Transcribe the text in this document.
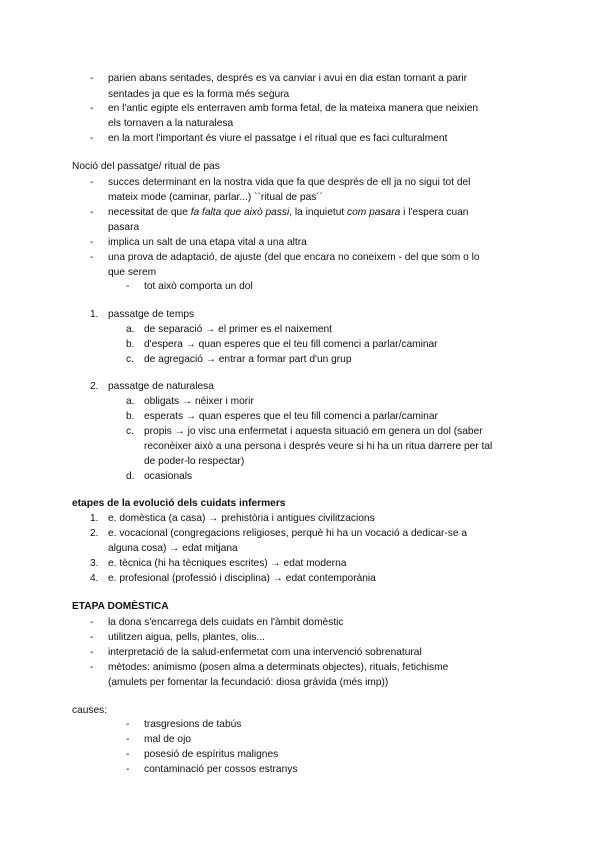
- parien abans sentades, després es va canviar i avui en dia estan tornant a parir
sentades ja que es la forma més segura
- en l'antic egipte els enterraven amb forma fetal, de la mateixa manera que neixien
els tornaven a la naturalesa
- en la mort l'important és viure el passatge i el ritual que es faci culturalment
Noció del passatge/ ritual de pas
- succes determinant en la nostra vida que fa que després de ell ja no sigui tot del
mateix mode (caminar, parlar...) ``ritual de pas´´
- necessitat de que fa falta que això passi, la inquietut com pasara i l'espera cuan
pasara
- implica un salt de una etapa vital a una altra
- una prova de adaptació, de ajuste (del que encara no coneixem - del que som o lo
que serem
- tot això comporta un dol
1. passatge de temps
a. de separació → el primer es el naixement
b. d'espera → quan esperes que el teu fill comenci a parlar/caminar
c. de agregació → entrar a formar part d'un grup
2. passatge de naturalesa
a. obligats → néixer i morir
b. esperats → quan esperes que el teu fill comenci a parlar/caminar
c. propis → jo visc una enfermetat i aquesta situació em genera un dol (saber
reconèixer això a una persona i després veure si hi ha un ritua darrere per tal
de poder-lo respectar)
d. ocasionals
etapes de la evolució dels cuidats infermers
1. e. domèstica (a casa) → prehistòria i antigues civilitzacions
2. e. vocacional (congregacions religioses, perquè hi ha un vocació a dedicar-se a
alguna cosa) → edat mitjana
3. e. tècnica (hi ha tècniques escrites) → edat moderna
4. e. profesional (professió i disciplina) → edat contemporània
ETAPA DOMÈSTICA
- la dona s'encarrega dels cuidats en l'àmbit domèstic
- utilitzen aigua, pells, plantes, olis...
- interpretació de la salud-enfermetat com una intervenció sobrenatural
- mètodes: animismo (posen alma a determinats objectes), rituals, fetichisme
(amulets per fomentar la fecundació: diosa grávida (més imp))
causes:
- trasgresions de tabús
- mal de ojo
- posesió de espíritus malignes
- contaminació per cossos estranys
